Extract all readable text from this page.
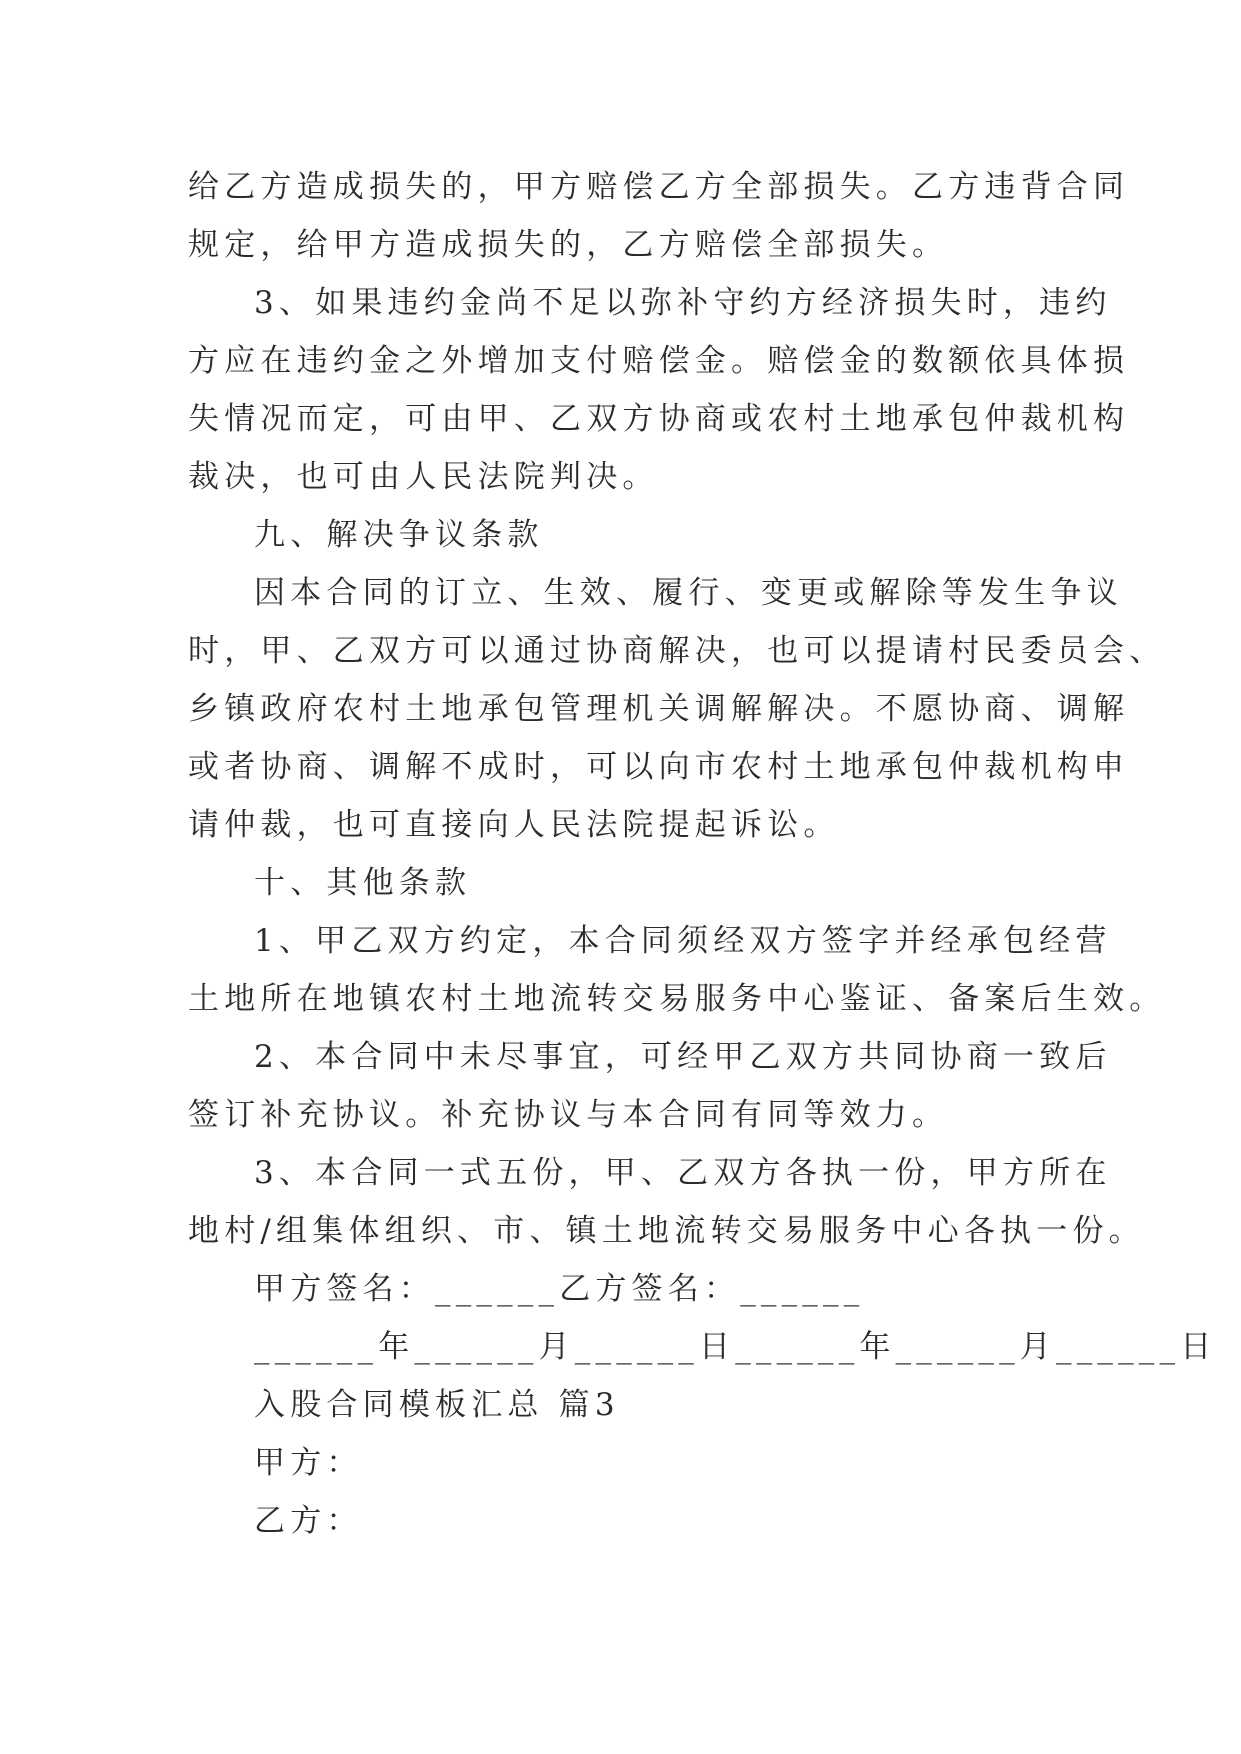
给乙方造成损失的，甲方赔偿乙方全部损失。乙方违背合同
规定，给甲方造成损失的，乙方赔偿全部损失。
3、如果违约金尚不足以弥补守约方经济损失时，违约
方应在违约金之外增加支付赔偿金。赔偿金的数额依具体损
失情况而定，可由甲、乙双方协商或农村土地承包仲裁机构
裁决，也可由人民法院判决。
九、解决争议条款
因本合同的订立、生效、履行、变更或解除等发生争议
时，甲、乙双方可以通过协商解决，也可以提请村民委员会、
乡镇政府农村土地承包管理机关调解解决。不愿协商、调解
或者协商、调解不成时，可以向市农村土地承包仲裁机构申
请仲裁，也可直接向人民法院提起诉讼。
十、其他条款
1、甲乙双方约定，本合同须经双方签字并经承包经营
土地所在地镇农村土地流转交易服务中心鉴证、备案后生效。
2、本合同中未尽事宜，可经甲乙双方共同协商一致后
签订补充协议。补充协议与本合同有同等效力。
3、本合同一式五份，甲、乙双方各执一份，甲方所在
地村/组集体组织、市、镇土地流转交易服务中心各执一份。
甲方签名：______乙方签名：______
______年______月______日______年______月______日
入股合同模板汇总 篇3
甲方：
乙方：
